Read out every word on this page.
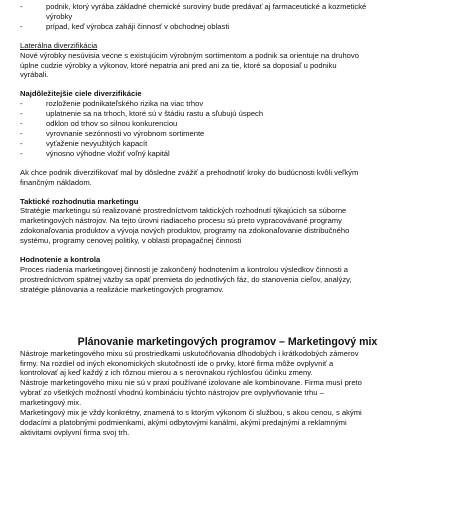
-	podnik, ktorý vyrába základné chemické suroviny bude predávať aj farmaceutické a kozmetické
výrobky
-	prípad, keď výrobca zaháji činnosť v obchodnej oblasti
Laterálna diverzifikácia
Nové výrobky nesúvisia vecne s existujúcim výrobným sortimentom a podnik sa orientuje na druhovo
úplne cudzie výrobky a výkonov, ktoré nepatria ani pred ani za tie, ktoré sa doposiaľ u podniku
vyrábali.
Najdôležitejšie ciele diverzifikácie
-	rozloženie podnikateľského rizika na viac trhov
-	uplatnenie sa na trhoch, ktoré sú v štádiu rastu a sľubujú úspech
-	odklon od trhov so silnou konkurenciou
-	vyrovnanie sezónnosti vo výrobnom sortimente
-	vyťaženie nevyužitých kapacít
-	výnosno výhodne vložiť voľný kapitál
Ak chce podnik diverzifikovať mal by dôsledne zvážiť a prehodnotiť kroky do budúcnosti kvôli veľkým
finančným nákladom.
Taktické rozhodnutia marketingu
Stratégie marketingu sú realizované prostredníctvom taktických rozhodnutí týkajúcich sa súborne
marketingových nástrojov. Na tejto úrovni riadiaceho procesu sú preto vypracovávané programy
zdokonaľovania produktov a vývoja nových produktov, programy na zdokonaľovanie distribučného
systému, programy cenovej politiky, v oblasti propagačnej činnosti
Hodnotenie a kontrola
Proces riadenia marketingovej činnosti je zakončený hodnotením a kontrolou výsledkov činnosti a
prostredníctvom spätnej väzby sa opäť premieta do jednotlivých fáz, do stanovenia cieľov, analýzy,
stratégie plánovania a realizácie marketingových programov.
Plánovanie marketingových programov – Marketingový mix
Nástroje marketingového mixu sú prostriedkami uskutočňovania dlhodobých i krátkodobých zámerov
firmy. Na rozdiel od iných ekonomických skutočností ide o prvky, ktoré firma môže ovplyvniť a
kontrolovať aj keď každý z ich rôznou mierou a s nerovnakou rýchlosťou účinku zmeny.
Nástroje marketingového mixu nie sú v praxi používané izolovane ale kombinovane. Firma musí preto
vybrať zo všetkých možností vhodnú kombináciu týchto nástrojov pre ovplyvňovanie trhu –
marketingový mix.
Marketingový mix je vždy konkrétny, znamená to s ktorým výkonom či službou, s akou cenou, s akými
dodacími a platobnými podmienkami, akými odbytovými kanálmi, akými predajnými a reklamnými
aktivitami ovplyvní firma svoj trh.
